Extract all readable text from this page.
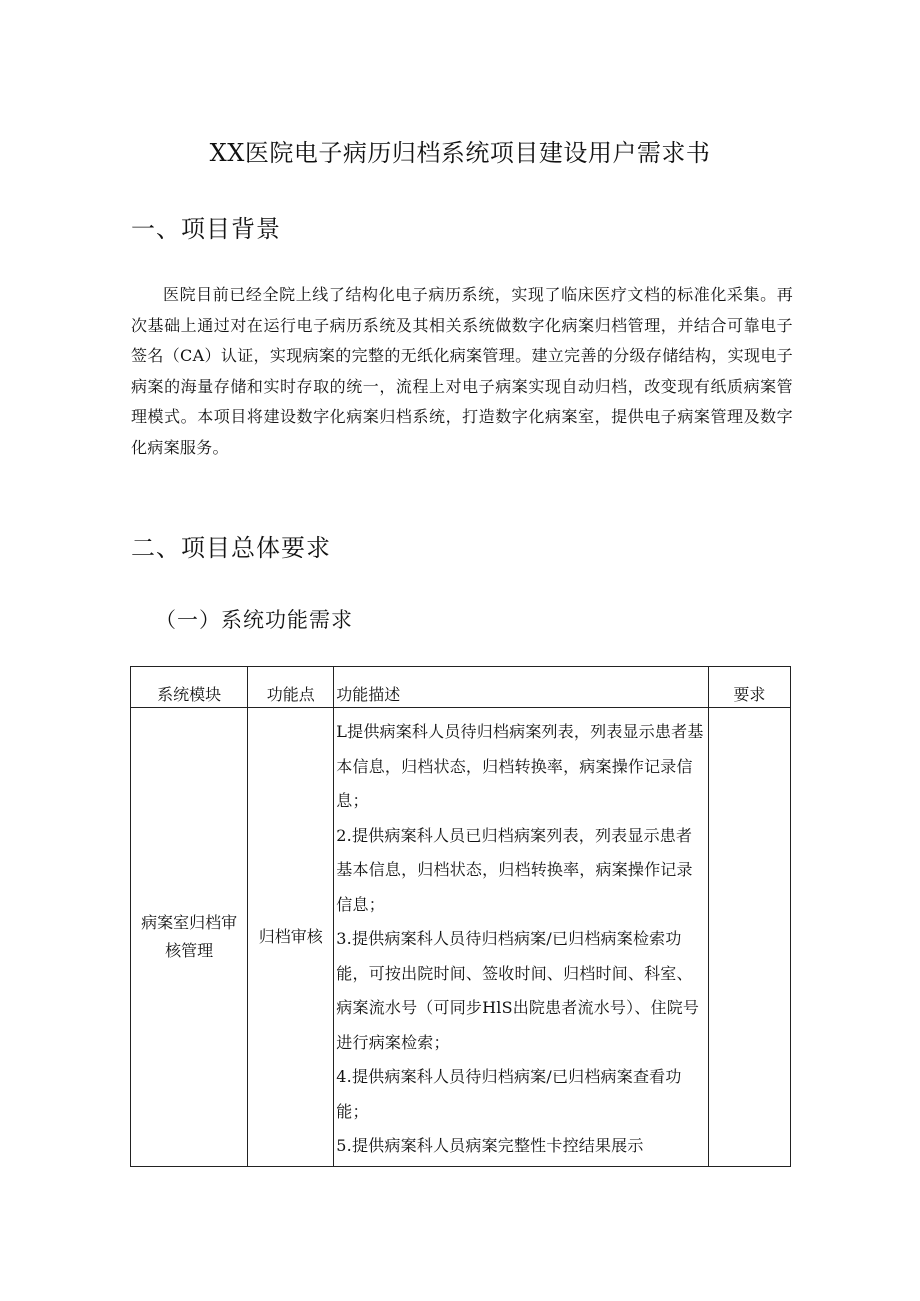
XX医院电子病历归档系统项目建设用户需求书
一、项目背景
医院目前已经全院上线了结构化电子病历系统，实现了临床医疗文档的标准化采集。再次基础上通过对在运行电子病历系统及其相关系统做数字化病案归档管理，并结合可靠电子签名（CA）认证，实现病案的完整的无纸化病案管理。建立完善的分级存储结构，实现电子病案的海量存储和实时存取的统一，流程上对电子病案实现自动归档，改变现有纸质病案管理模式。本项目将建设数字化病案归档系统，打造数字化病案室，提供电子病案管理及数字化病案服务。
二、项目总体要求
（一）系统功能需求
系统模块	功能点	功能描述	要求
病案室归档审核管理	归档审核	L提供病案科人员待归档病案列表，列表显示患者基本信息，归档状态，归档转换率，病案操作记录信息；
2.提供病案科人员已归档病案列表，列表显示患者基本信息，归档状态，归档转换率，病案操作记录信息；
3.提供病案科人员待归档病案/已归档病案检索功能，可按出院时间、签收时间、归档时间、科室、病案流水号（可同步HlS出院患者流水号）、住院号进行病案检索；
4.提供病案科人员待归档病案/已归档病案查看功能；
5.提供病案科人员病案完整性卡控结果展示	
